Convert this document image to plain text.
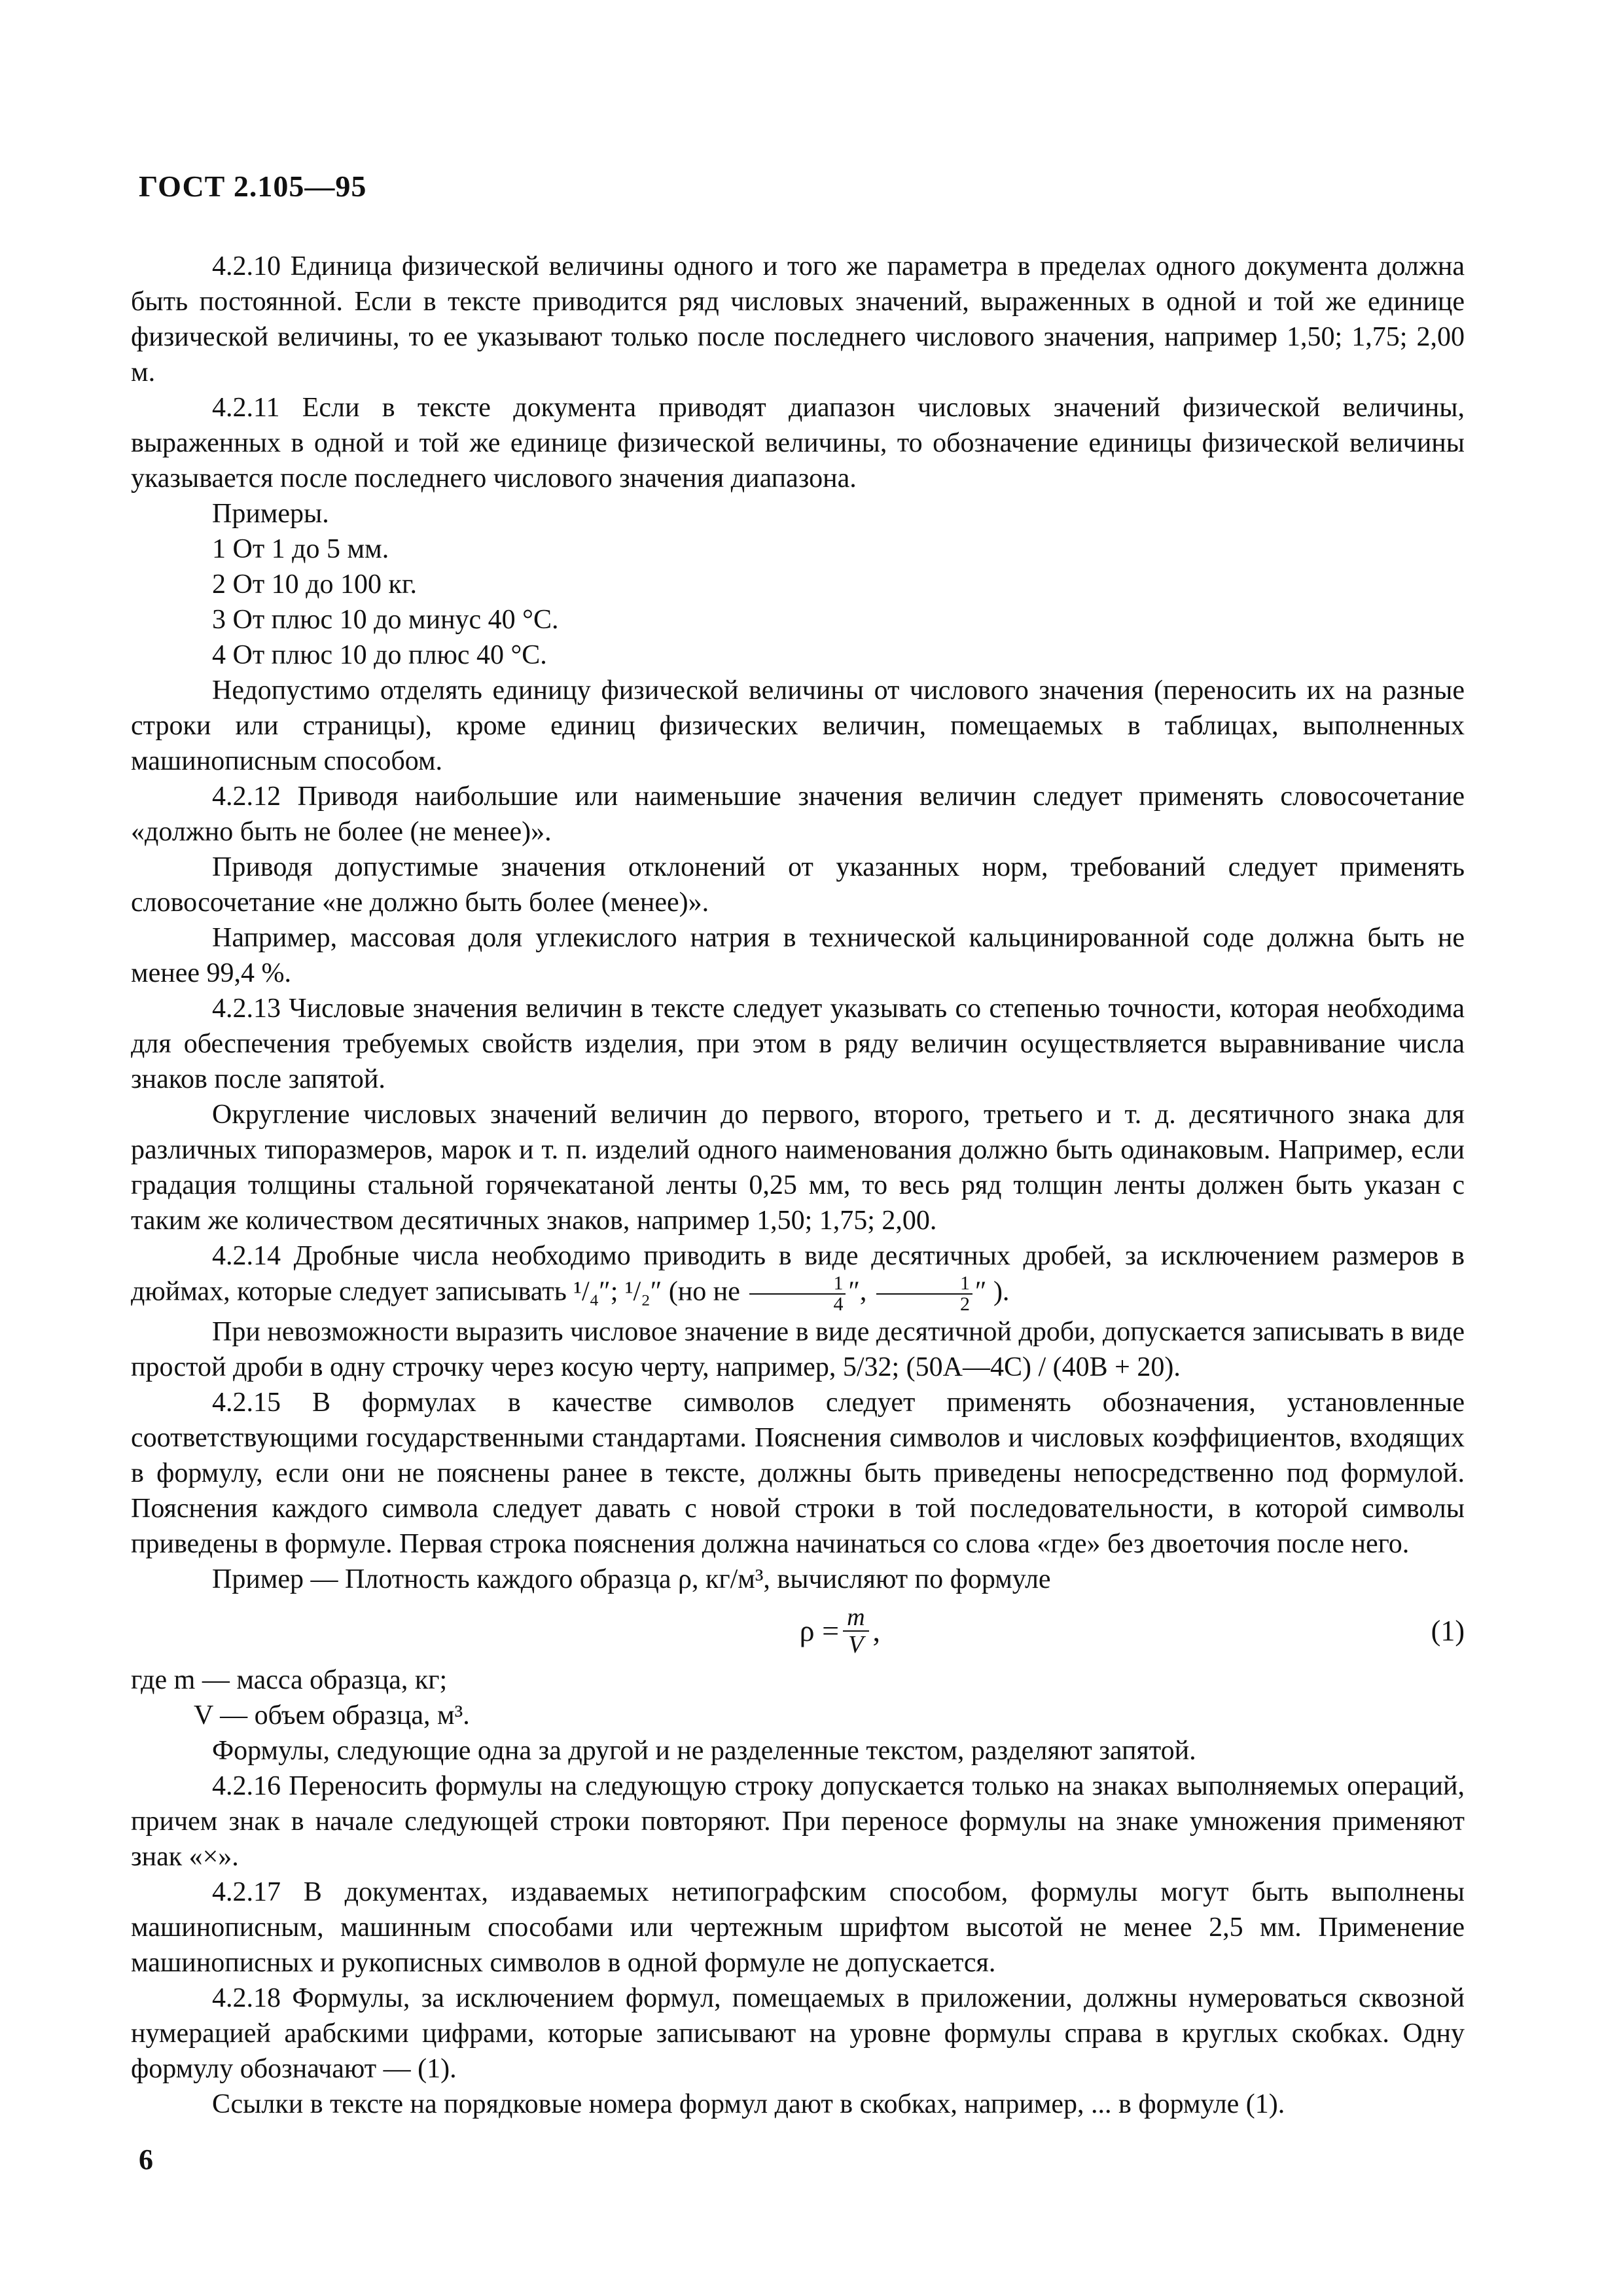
ГОСТ 2.105—95

4.2.10 Единица физической величины одного и того же параметра в пределах одного документа должна быть постоянной. Если в тексте приводится ряд числовых значений, выраженных в одной и той же единице физической величины, то ее указывают только после последнего числового значения, например 1,50; 1,75; 2,00 м.

4.2.11 Если в тексте документа приводят диапазон числовых значений физической величины, выраженных в одной и той же единице физической величины, то обозначение единицы физической величины указывается после последнего числового значения диапазона.

Примеры.

1 От 1 до 5 мм.

2 От 10 до 100 кг.

3 От плюс 10 до минус 40 °С.

4 От плюс 10 до плюс 40 °С.

Недопустимо отделять единицу физической величины от числового значения (переносить их на разные строки или страницы), кроме единиц физических величин, помещаемых в таблицах, выполненных машинописным способом.

4.2.12 Приводя наибольшие или наименьшие значения величин следует применять словосочетание «должно быть не более (не менее)».

Приводя допустимые значения отклонений от указанных норм, требований следует применять словосочетание «не должно быть более (менее)».

Например, массовая доля углекислого натрия в технической кальцинированной соде должна быть не менее 99,4 %.

4.2.13 Числовые значения величин в тексте следует указывать со степенью точности, которая необходима для обеспечения требуемых свойств изделия, при этом в ряду величин осуществляется выравнивание числа знаков после запятой.

Округление числовых значений величин до первого, второго, третьего и т. д. десятичного знака для различных типоразмеров, марок и т. п. изделий одного наименования должно быть одинаковым. Например, если градация толщины стальной горячекатаной ленты 0,25 мм, то весь ряд толщин ленты должен быть указан с таким же количеством десятичных знаков, например 1,50; 1,75; 2,00.

4.2.14 Дробные числа необходимо приводить в виде десятичных дробей, за исключением размеров в дюймах, которые следует записывать ¹/₄″; ¹/₂″ (но не $\frac{1}{4}$ ″, $\frac{1}{2}$ ″ ).

При невозможности выразить числовое значение в виде десятичной дроби, допускается записывать в виде простой дроби в одну строчку через косую черту, например, 5/32; (50А—4С) / (40В + 20).

4.2.15 В формулах в качестве символов следует применять обозначения, установленные соответствующими государственными стандартами. Пояснения символов и числовых коэффициентов, входящих в формулу, если они не пояснены ранее в тексте, должны быть приведены непосредственно под формулой. Пояснения каждого символа следует давать с новой строки в той последовательности, в которой символы приведены в формуле. Первая строка пояснения должна начинаться со слова «где» без двоеточия после него.

Пример — Плотность каждого образца ρ, кг/м³, вычисляют по формуле

$\rho = \frac{m}{V}$ ,	(1)

где m — масса образца, кг;

V — объем образца, м³.

Формулы, следующие одна за другой и не разделенные текстом, разделяют запятой.

4.2.16 Переносить формулы на следующую строку допускается только на знаках выполняемых операций, причем знак в начале следующей строки повторяют. При переносе формулы на знаке умножения применяют знак «×».

4.2.17 В документах, издаваемых нетипографским способом, формулы могут быть выполнены машинописным, машинным способами или чертежным шрифтом высотой не менее 2,5 мм. Применение машинописных и рукописных символов в одной формуле не допускается.

4.2.18 Формулы, за исключением формул, помещаемых в приложении, должны нумероваться сквозной нумерацией арабскими цифрами, которые записывают на уровне формулы справа в круглых скобках. Одну формулу обозначают — (1).

Ссылки в тексте на порядковые номера формул дают в скобках, например, ... в формуле (1).

6
